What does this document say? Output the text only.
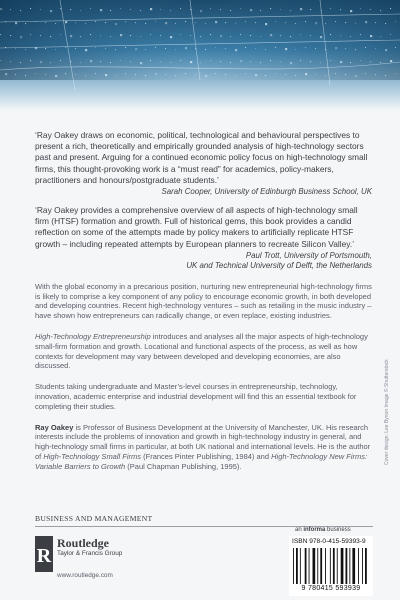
‘Ray Oakey draws on economic, political, technological and behavioural perspectives to present a rich, theoretically and empirically grounded analysis of high-technology sectors past and present. Arguing for a continued economic policy focus on high-technology small firms, this thought-provoking work is a “must read” for academics, policy-makers, practitioners and honours/postgraduate students.’

Sarah Cooper, University of Edinburgh Business School, UK

‘Ray Oakey provides a comprehensive overview of all aspects of high-technology small firm (HTSF) formation and growth. Full of historical gems, this book provides a candid reflection on some of the attempts made by policy makers to artificially replicate HTSF growth – including repeated attempts by European planners to recreate Silicon Valley.’

Paul Trott, University of Portsmouth,
UK and Technical University of Delft, the Netherlands

With the global economy in a precarious position, nurturing new entrepreneurial high-technology firms is likely to comprise a key component of any policy to encourage economic growth, in both developed and developing countries. Recent high-technology ventures – such as retailing in the music industry – have shown how entrepreneurs can radically change, or even replace, existing industries.

High-Technology Entrepreneurship introduces and analyses all the major aspects of high-technology small-firm formation and growth. Locational and functional aspects of the process, as well as how contexts for development may vary between developed and developing economies, are also discussed.

Students taking undergraduate and Master’s-level courses in entrepreneurship, technology, innovation, academic enterprise and industrial development will find this an essential textbook for completing their studies.

Ray Oakey is Professor of Business Development at the University of Manchester, UK. His research interests include the problems of innovation and growth in high-technology industry in general, and high-technology small firms in particular, at both UK national and international levels. He is the author of High-Technology Small Firms (Frances Pinter Publishing, 1984) and High-Technology New Firms: Variable Barriers to Growth (Paul Chapman Publishing, 1995).

BUSINESS AND MANAGEMENT
Cover design: Lee Bynon Image © Shutterstock
R
Routledge
Taylor & Francis Group
www.routledge.com
an informa business
ISBN 978-0-415-59393-9
9 780415 593939
